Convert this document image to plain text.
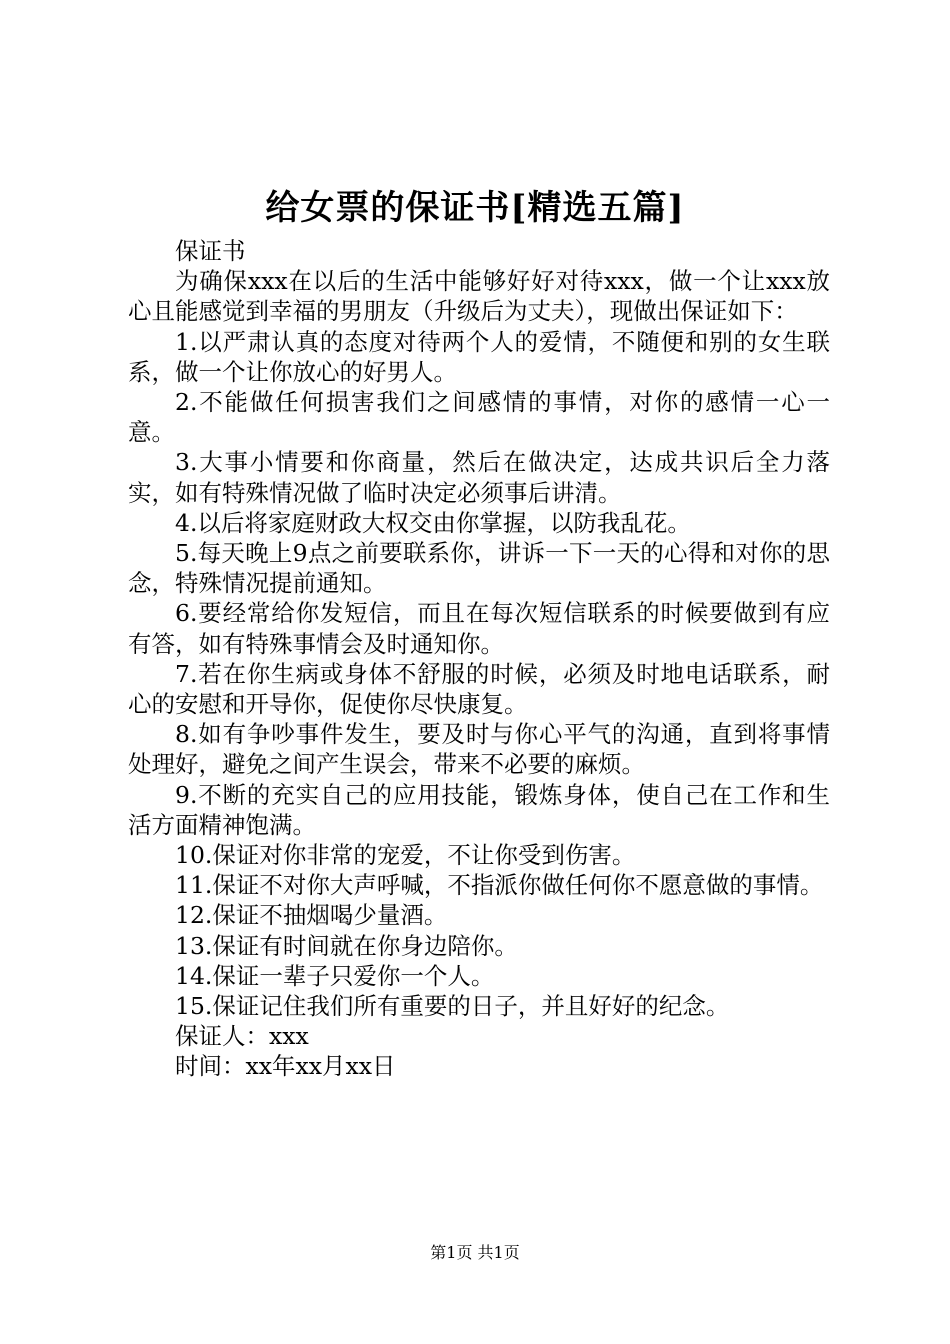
给女票的保证书[精选五篇]

保证书

为确保xxx在以后的生活中能够好好对待xxx，做一个让xxx放心且能感觉到幸福的男朋友（升级后为丈夫），现做出保证如下：

1.以严肃认真的态度对待两个人的爱情，不随便和别的女生联系，做一个让你放心的好男人。

2.不能做任何损害我们之间感情的事情，对你的感情一心一意。

3.大事小情要和你商量，然后在做决定，达成共识后全力落实，如有特殊情况做了临时决定必须事后讲清。

4.以后将家庭财政大权交由你掌握，以防我乱花。

5.每天晚上9点之前要联系你，讲诉一下一天的心得和对你的思念，特殊情况提前通知。

6.要经常给你发短信，而且在每次短信联系的时候要做到有应有答，如有特殊事情会及时通知你。

7.若在你生病或身体不舒服的时候，必须及时地电话联系，耐心的安慰和开导你，促使你尽快康复。

8.如有争吵事件发生，要及时与你心平气的沟通，直到将事情处理好，避免之间产生误会，带来不必要的麻烦。

9.不断的充实自己的应用技能，锻炼身体，使自己在工作和生活方面精神饱满。

10.保证对你非常的宠爱，不让你受到伤害。

11.保证不对你大声呼喊，不指派你做任何你不愿意做的事情。

12.保证不抽烟喝少量酒。

13.保证有时间就在你身边陪你。

14.保证一辈子只爱你一个人。

15.保证记住我们所有重要的日子，并且好好的纪念。

保证人：xxx

时间：xx年xx月xx日

第1页 共1页
